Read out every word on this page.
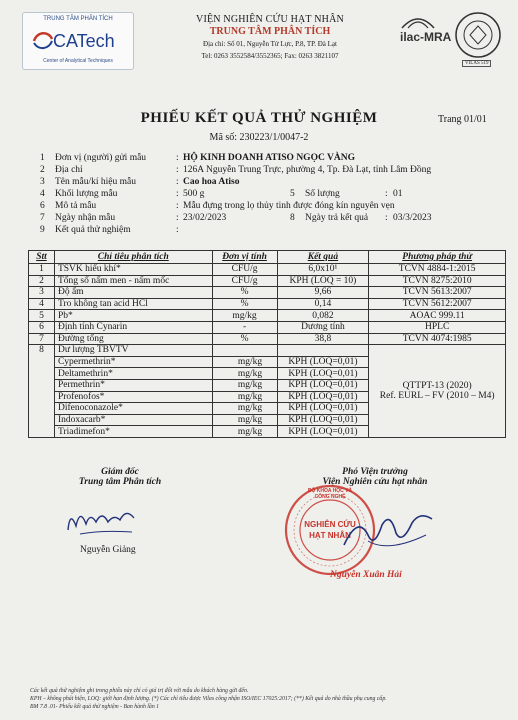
TRUNG TÂM PHÂN TÍCH
CATech
Center of Analytical Techniques
VIỆN NGHIÊN CỨU HẠT NHÂN
TRUNG TÂM PHÂN TÍCH
Địa chỉ: Số 01, Nguyễn Tử Lực, P.8, TP. Đà Lạt
Tel: 0263 3552584/3552365; Fax: 0263 3821107
ilac-MRA
VILAS 519
PHIẾU KẾT QUẢ THỬ NGHIỆM	Trang 01/01
Mã số: 230223/1/0047-2
1 Đơn vị (người) gửi mẫu	: HỘ KINH DOANH ATISO NGỌC VÀNG
2 Địa chỉ	: 126A Nguyễn Trung Trực, phường 4, Tp. Đà Lạt, tỉnh Lâm Đồng
3 Tên mẫu/kí hiệu mẫu	: Cao hoa Atiso
4 Khối lượng mẫu	: 500 g	5 Số lượng	: 01
6 Mô tả mẫu	: Mẫu đựng trong lọ thủy tinh được đóng kín nguyên vẹn
7 Ngày nhận mẫu	: 23/02/2023	8 Ngày trả kết quả : 03/3/2023
9 Kết quả thử nghiệm	:
Stt	Chỉ tiêu phân tích	Đơn vị tính	Kết quả	Phương pháp thử
1	TSVK hiếu khí*	CFU/g	6,0x10¹	TCVN 4884-1:2015
2	Tổng số nấm men - nấm mốc	CFU/g	KPH (LOQ = 10)	TCVN 8275:2010
3	Độ ẩm	%	9,66	TCVN 5613:2007
4	Tro không tan acid HCl	%	0,14	TCVN 5612:2007
5	Pb*	mg/kg	0,082	AOAC 999.11
6	Định tính Cynarin	-	Dương tính	HPLC
7	Đường tổng	%	38,8	TCVN 4074:1985
8	Dư lượng TBVTV			QTTPT-13 (2020)
Ref. EURL – FV (2010 – M4)

	Cypermethrin*	mg/kg	KPH (LOQ=0,01)	
	Deltamethrin*	mg/kg	KPH (LOQ=0,01)	
	Permethrin*	mg/kg	KPH (LOQ=0,01)	
	Profenofos*	mg/kg	KPH (LOQ=0,01)	
	Difenoconazole*	mg/kg	KPH (LOQ=0,01)	
	Indoxacarb*	mg/kg	KPH (LOQ=0,01)	
	Triadimefon*	mg/kg	KPH (LOQ=0,01)	
Giám đốc
Trung tâm Phân tích
Nguyễn Giảng
Phó Viện trưởng
Viện Nghiên cứu hạt nhân
BỘ KHOA HỌC VÀ CÔNG NGHỆ
NGHIÊN CỨU
HẠT NHÂN
Nguyễn Xuân Hải
Các kết quả thử nghiệm ghi trong phiếu này chỉ có giá trị đối với mẫu do khách hàng gửi đến.
KPH – không phát hiện, LOQ: giới hạn định lượng. (*) Các chỉ tiêu được Vilas công nhận ISO/IEC 17025:2017; (**) Kết quả do nhà thầu phụ cung cấp.
BM 7.8 .01- Phiếu kết quả thử nghiệm - Ban hành lần 1
